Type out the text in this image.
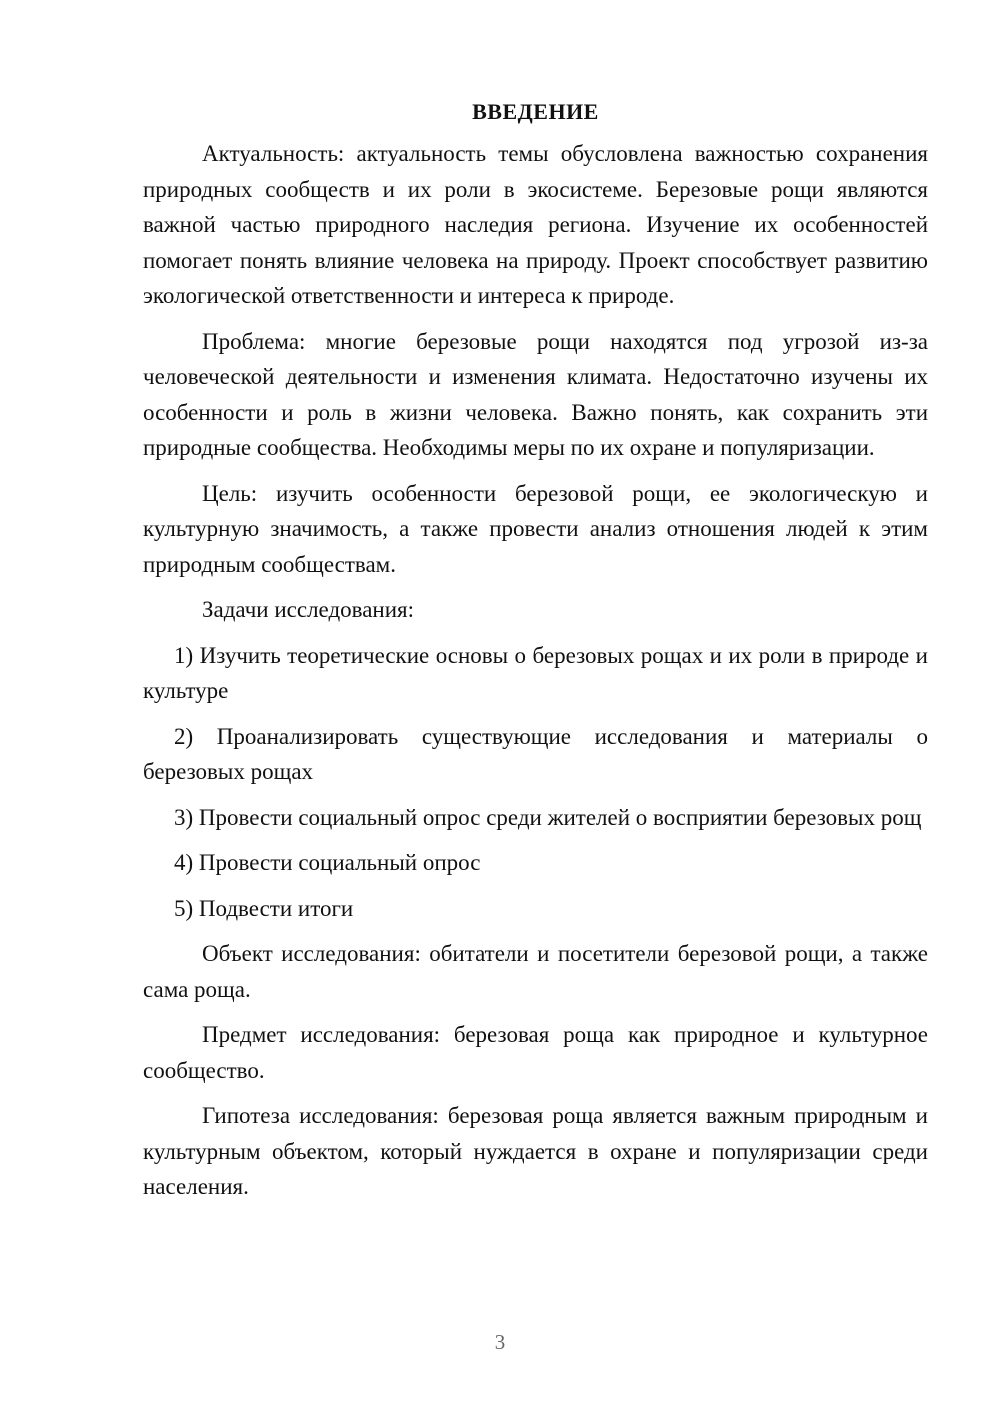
ВВЕДЕНИЕ

Актуальность: актуальность темы обусловлена важностью сохранения природных сообществ и их роли в экосистеме. Березовые рощи являются важной частью природного наследия региона. Изучение их особенностей помогает понять влияние человека на природу. Проект способствует развитию экологической ответственности и интереса к природе.

Проблема: многие березовые рощи находятся под угрозой из-за человеческой деятельности и изменения климата. Недостаточно изучены их особенности и роль в жизни человека. Важно понять, как сохранить эти природные сообщества. Необходимы меры по их охране и популяризации.

Цель: изучить особенности березовой рощи, ее экологическую и культурную значимость, а также провести анализ отношения людей к этим природным сообществам.

Задачи исследования:

1) Изучить теоретические основы о березовых рощах и их роли в природе и культуре

2) Проанализировать существующие исследования и материалы о березовых рощах

3) Провести социальный опрос среди жителей о восприятии березовых рощ

4) Провести социальный опрос

5) Подвести итоги

Объект исследования: обитатели и посетители березовой рощи, а также сама роща.

Предмет исследования: березовая роща как природное и культурное сообщество.

Гипотеза исследования: березовая роща является важным природным и культурным объектом, который нуждается в охране и популяризации среди населения.

3
